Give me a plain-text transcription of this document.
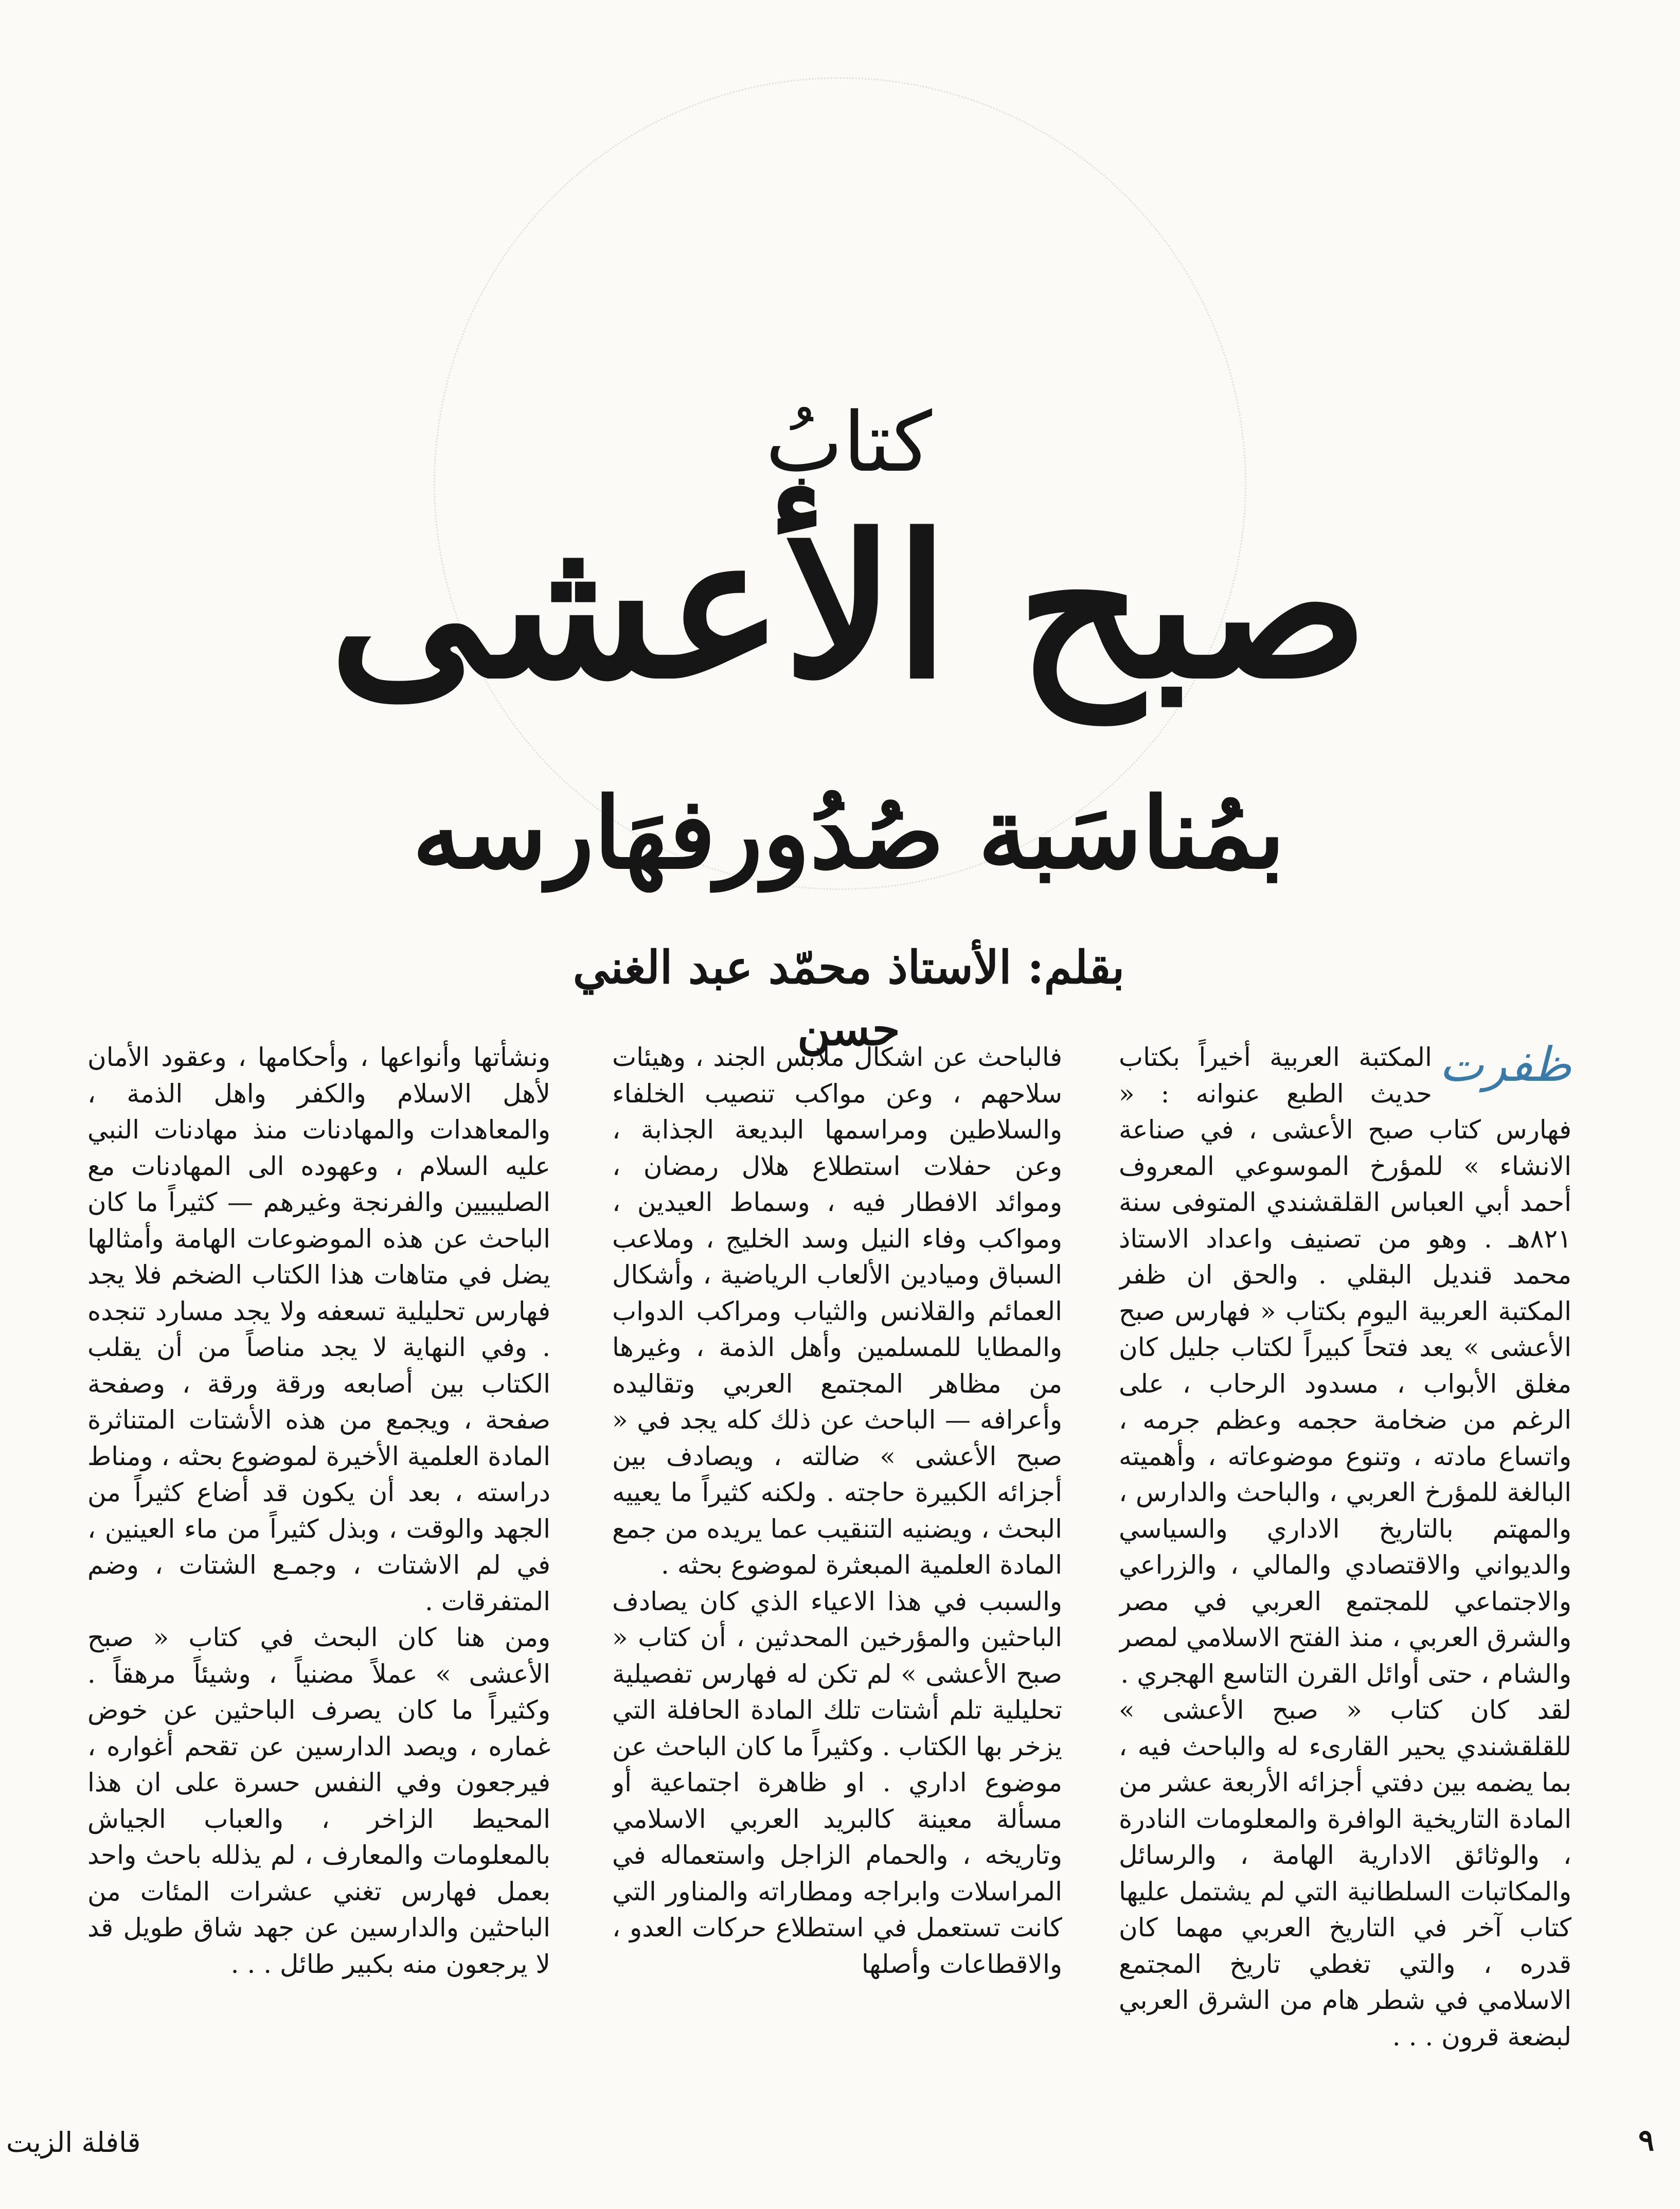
كتابُ
صبح الأعشى
بمُناسَبة صُدُورفهَارسه
بقلم: الأستاذ محمّد عبد الغني حسن

ظفرت
المكتبة العربية أخيراً بكتاب حديث الطبع عنوانه : « فهارس كتاب صبح الأعشى ، في صناعة الانشاء » للمؤرخ الموسوعي المعروف أحمد أبي العباس القلقشندي المتوفى سنة ٨٢١هـ . وهو من تصنيف واعداد الاستاذ محمد قنديل البقلي . والحق ان ظفر المكتبة العربية اليوم بكتاب « فهارس صبح الأعشى » يعد فتحاً كبيراً لكتاب جليل كان مغلق الأبواب ، مسدود الرحاب ، على الرغم من ضخامة حجمه وعظم جرمه ، واتساع مادته ، وتنوع موضوعاته ، وأهميته البالغة للمؤرخ العربي ، والباحث والدارس ، والمهتم بالتاريخ الاداري والسياسي والديواني والاقتصادي والمالي ، والزراعي والاجتماعي للمجتمع العربي في مصر والشرق العربي ، منذ الفتح الاسلامي لمصر والشام ، حتى أوائل القرن التاسع الهجري .

لقد كان كتاب « صبح الأعشى » للقلقشندي يحير القارىء له والباحث فيه ، بما يضمه بين دفتي أجزائه الأربعة عشر من المادة التاريخية الوافرة والمعلومات النادرة ، والوثائق الادارية الهامة ، والرسائل والمكاتبات السلطانية التي لم يشتمل عليها كتاب آخر في التاريخ العربي مهما كان قدره ، والتي تغطي تاريخ المجتمع الاسلامي في شطر هام من الشرق العربي لبضعة قرون . . .

فالباحث عن اشكال ملابس الجند ، وهيئات سلاحهم ، وعن مواكب تنصيب الخلفاء والسلاطين ومراسمها البديعة الجذابة ، وعن حفلات استطلاع هلال رمضان ، وموائد الافطار فيه ، وسماط العيدين ، ومواكب وفاء النيل وسد الخليج ، وملاعب السباق وميادين الألعاب الرياضية ، وأشكال العمائم والقلانس والثياب ومراكب الدواب والمطايا للمسلمين وأهل الذمة ، وغيرها من مظاهر المجتمع العربي وتقاليده وأعرافه — الباحث عن ذلك كله يجد في « صبح الأعشى » ضالته ، ويصادف بين أجزائه الكبيرة حاجته . ولكنه كثيراً ما يعييه البحث ، ويضنيه التنقيب عما يريده من جمع المادة العلمية المبعثرة لموضوع بحثه .

والسبب في هذا الاعياء الذي كان يصادف الباحثين والمؤرخين المحدثين ، أن كتاب « صبح الأعشى » لم تكن له فهارس تفصيلية تحليلية تلم أشتات تلك المادة الحافلة التي يزخر بها الكتاب . وكثيراً ما كان الباحث عن موضوع اداري . او ظاهرة اجتماعية أو مسألة معينة كالبريد العربي الاسلامي وتاريخه ، والحمام الزاجل واستعماله في المراسلات وابراجه ومطاراته والمناور التي كانت تستعمل في استطلاع حركات العدو ، والاقطاعات وأصلها

ونشأتها وأنواعها ، وأحكامها ، وعقود الأمان لأهل الاسلام والكفر واهل الذمة ، والمعاهدات والمهادنات منذ مهادنات النبي عليه السلام ، وعهوده الى المهادنات مع الصليبيين والفرنجة وغيرهم — كثيراً ما كان الباحث عن هذه الموضوعات الهامة وأمثالها يضل في متاهات هذا الكتاب الضخم فلا يجد فهارس تحليلية تسعفه ولا يجد مسارد تنجده . وفي النهاية لا يجد مناصاً من أن يقلب الكتاب بين أصابعه ورقة ورقة ، وصفحة صفحة ، ويجمع من هذه الأشتات المتناثرة المادة العلمية الأخيرة لموضوع بحثه ، ومناط دراسته ، بعد أن يكون قد أضاع كثيراً من الجهد والوقت ، وبذل كثيراً من ماء العينين ، في لم الاشتات ، وجمـع الشتات ، وضم المتفرقات .

ومن هنا كان البحث في كتاب « صبح الأعشى » عملاً مضنياً ، وشيئاً مرهقاً . وكثيراً ما كان يصرف الباحثين عن خوض غماره ، ويصد الدارسين عن تقحم أغواره ، فيرجعون وفي النفس حسرة على ان هذا المحيط الزاخر ، والعباب الجياش بالمعلومات والمعارف ، لم يذلله باحث واحد بعمل فهارس تغني عشرات المئات من الباحثين والدارسين عن جهد شاق طويل قد لا يرجعون منه بكبير طائل . . .

قافلة الزيت	٩
